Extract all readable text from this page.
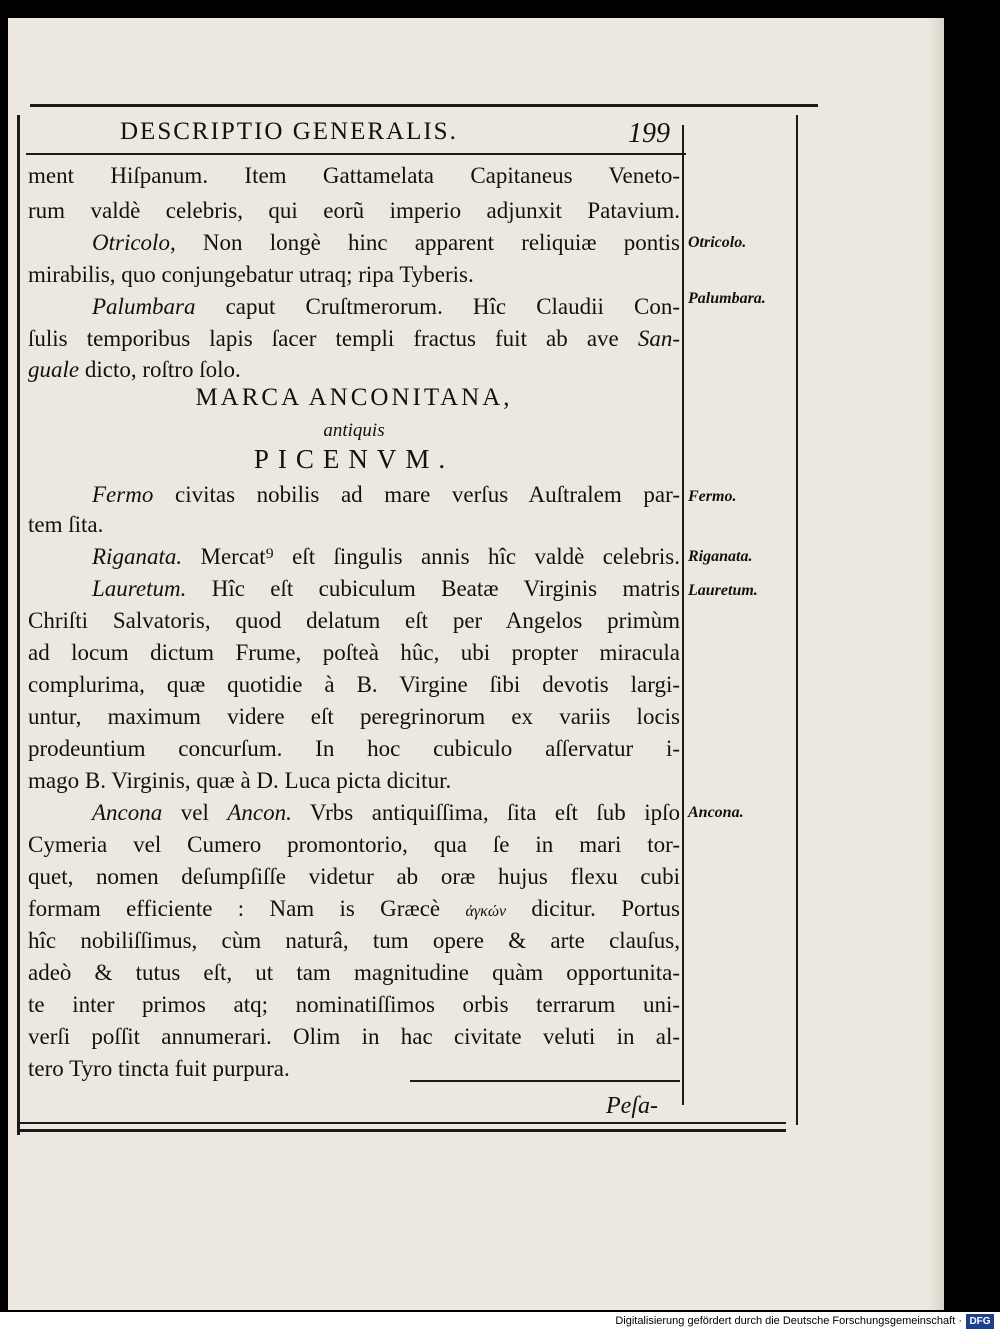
DESCRIPTIO GENERALIS.	199
ment Hiſpanum. Item Gattamelata Capitaneus Veneto-
rum valdè celebris, qui eorũ imperio adjunxit Patavium.
Otricolo, Non longè hinc apparent reliquiæ pontis
mirabilis, quo conjungebatur utraq; ripa Tyberis.
Palumbara caput Cruſtmerorum. Hîc Claudii Con-
ſulis temporibus lapis ſacer templi fractus fuit ab ave San-
guale dicto, roſtro ſolo.
MARCA ANCONITANA,
antiquis
PICENVM.
Fermo civitas nobilis ad mare verſus Auſtralem par-
tem ſita.
Riganata. Mercat⁹ eſt ſingulis annis hîc valdè celebris.
Lauretum. Hîc eſt cubiculum Beatæ Virginis matris
Chriſti Salvatoris, quod delatum eſt per Angelos primùm
ad locum dictum Frume, poſteà hûc, ubi propter miracula
complurima, quæ quotidie à B. Virgine ſibi devotis largi-
untur, maximum videre eſt peregrinorum ex variis locis
prodeuntium concurſum. In hoc cubiculo aſſervatur i-
mago B. Virginis, quæ à D. Luca picta dicitur.
Ancona vel Ancon. Vrbs antiquiſſima, ſita eſt ſub ipſo
Cymeria vel Cumero promontorio, qua ſe in mari tor-
quet, nomen deſumpſiſſe videtur ab oræ hujus flexu cubi
formam efficiente : Nam is Græcè ἀγκών dicitur. Portus
hîc nobiliſſimus, cùm naturâ, tum opere & arte clauſus,
adeò & tutus eſt, ut tam magnitudine quàm opportunita-
te inter primos atq; nominatiſſimos orbis terrarum uni-
verſi poſſit annumerari. Olim in hac civitate veluti in al-
tero Tyro tincta fuit purpura.
Otricolo.
Palumbara.
Fermo.
Riganata.
Lauretum.
Ancona.
Peſa-
Digitalisierung gefördert durch die Deutsche Forschungsgemeinschaft · DFG
